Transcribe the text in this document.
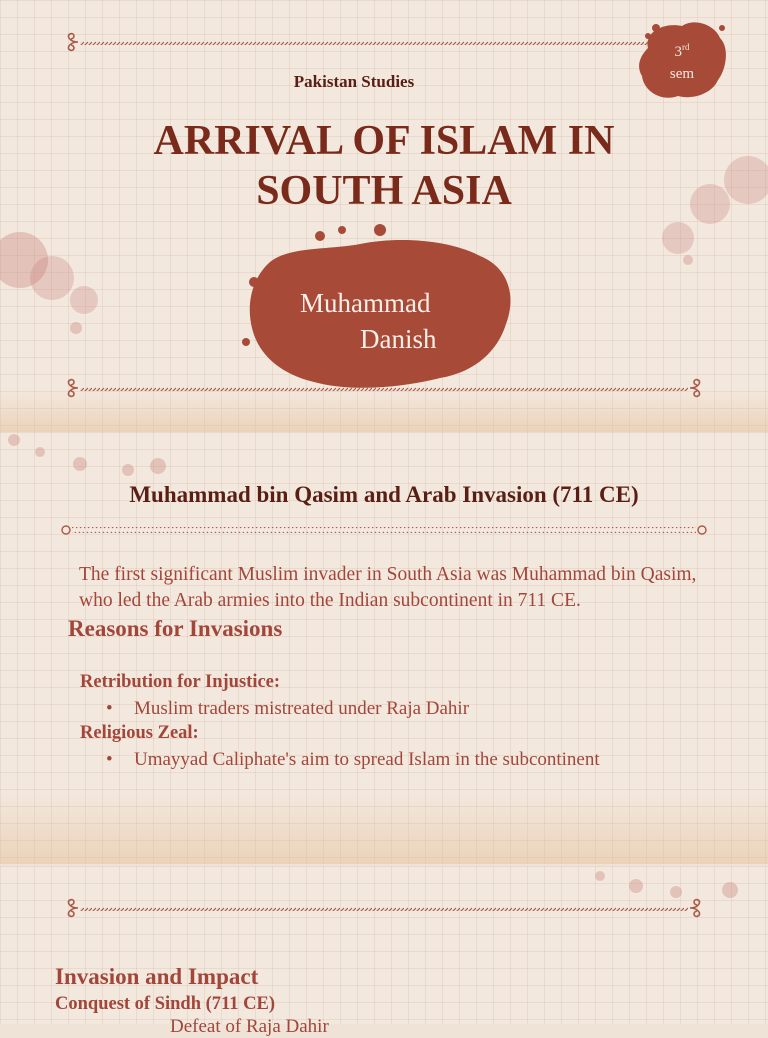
Pakistan Studies
ARRIVAL OF ISLAM IN SOUTH ASIA
3rd
sem
Muhammad
Danish
Muhammad bin Qasim and Arab Invasion (711 CE)

The first significant Muslim invader in South Asia was Muhammad bin Qasim, who led the Arab armies into the Indian subcontinent in 711 CE.

Reasons for Invasions
Retribution for Injustice:
• Muslim traders mistreated under Raja Dahir
Religious Zeal:
• Umayyad Caliphate's aim to spread Islam in the subcontinent
Invasion and Impact
Conquest of Sindh (711 CE)
Defeat of Raja Dahir
